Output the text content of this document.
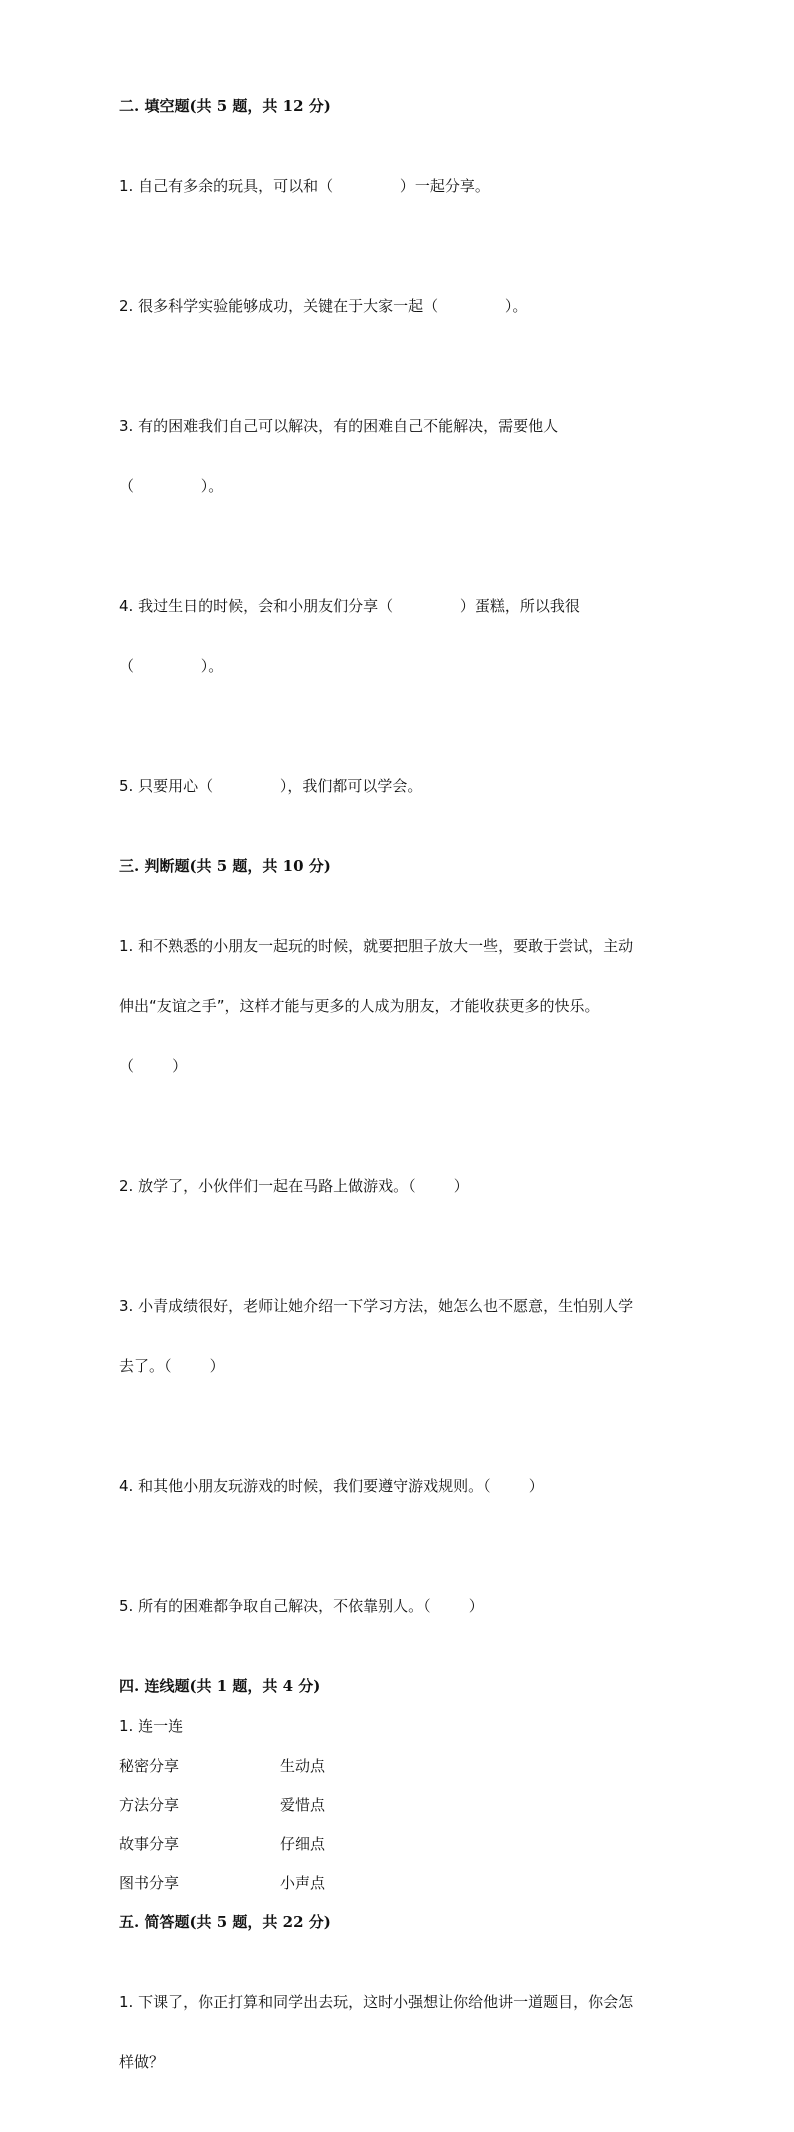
二. 填空题(共 5 题，共 12 分)

1. 自己有多余的玩具，可以和（              ）一起分享。

2. 很多科学实验能够成功，关键在于大家一起（              ）。

3. 有的困难我们自己可以解决，有的困难自己不能解决，需要他人

（              ）。

4. 我过生日的时候，会和小朋友们分享（              ）蛋糕，所以我很

（              ）。

5. 只要用心（              ），我们都可以学会。

三. 判断题(共 5 题，共 10 分)

1. 和不熟悉的小朋友一起玩的时候，就要把胆子放大一些，要敢于尝试，主动

伸出“友谊之手”，这样才能与更多的人成为朋友，才能收获更多的快乐。

（        ）

2. 放学了，小伙伴们一起在马路上做游戏。（        ）

3. 小青成绩很好，老师让她介绍一下学习方法，她怎么也不愿意，生怕别人学

去了。（        ）

4. 和其他小朋友玩游戏的时候，我们要遵守游戏规则。（        ）

5. 所有的困难都争取自己解决，不依靠别人。（        ）

四. 连线题(共 1 题，共 4 分)
1. 连一连
秘密分享	生动点
方法分享	爱惜点
故事分享	仔细点
图书分享	小声点
五. 简答题(共 5 题，共 22 分)

1. 下课了，你正打算和同学出去玩，这时小强想让你给他讲一道题目，你会怎

样做？
